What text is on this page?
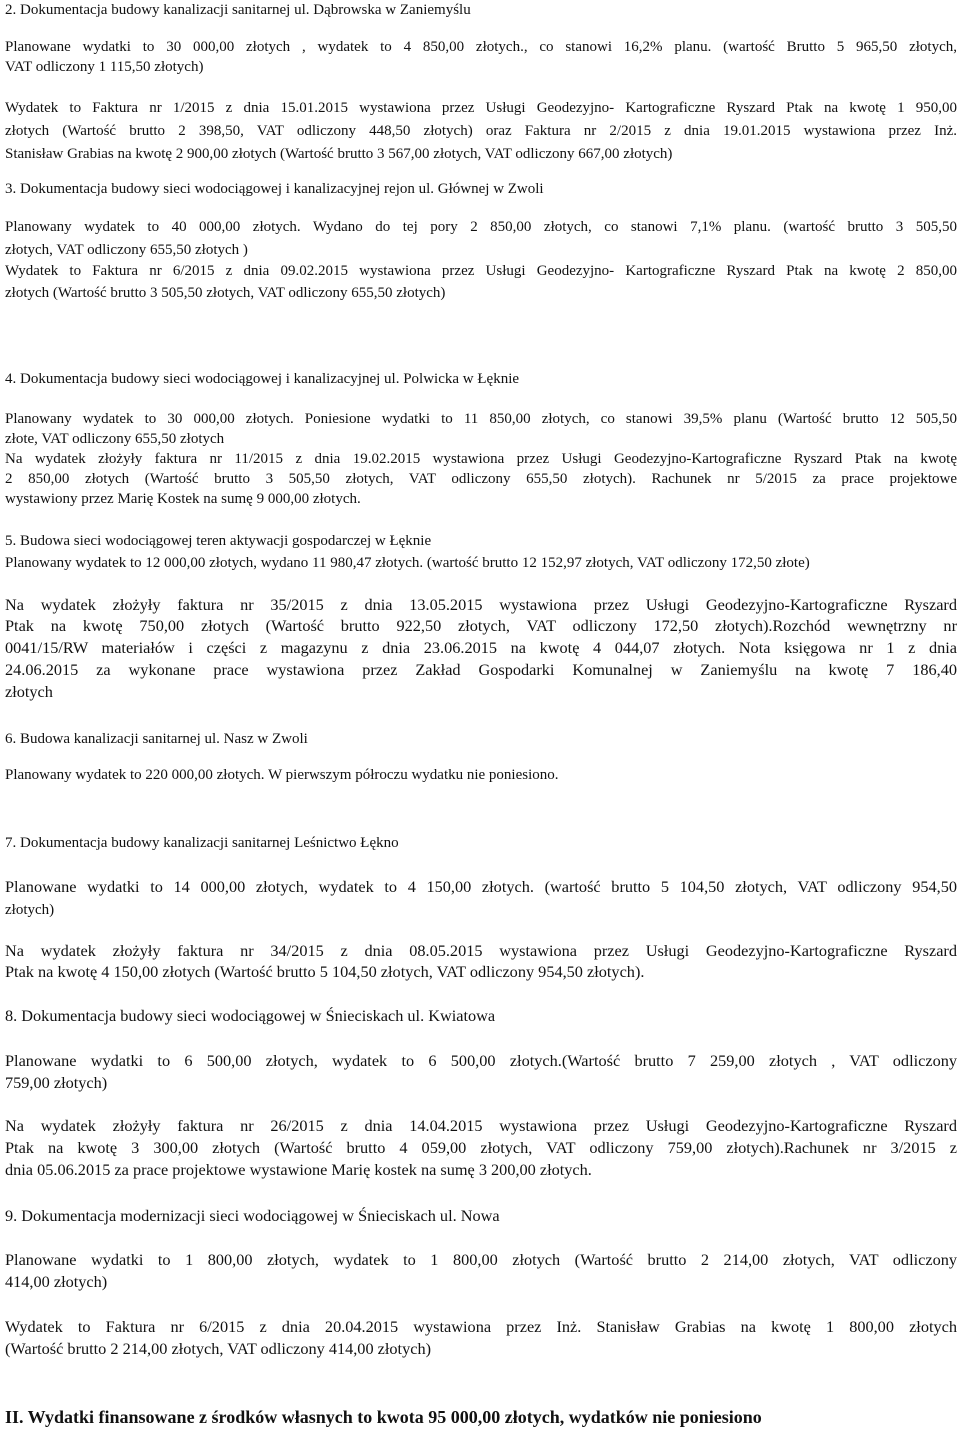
2. Dokumentacja budowy kanalizacji sanitarnej ul. Dąbrowska w Zaniemyślu
Planowane wydatki to 30 000,00 złotych , wydatek to 4 850,00 złotych., co stanowi 16,2% planu. (wartość Brutto 5 965,50 złotych,
VAT odliczony 1 115,50 złotych)
Wydatek to Faktura nr 1/2015 z dnia 15.01.2015 wystawiona przez Usługi Geodezyjno- Kartograficzne Ryszard Ptak na kwotę 1 950,00
złotych (Wartość brutto 2 398,50, VAT odliczony 448,50 złotych) oraz Faktura nr 2/2015 z dnia 19.01.2015 wystawiona przez Inż.
Stanisław Grabias na kwotę 2 900,00 złotych (Wartość brutto 3 567,00 złotych, VAT odliczony 667,00 złotych)
3. Dokumentacja budowy sieci wodociągowej i kanalizacyjnej rejon ul. Głównej w Zwoli
Planowany wydatek to 40 000,00 złotych. Wydano do tej pory 2 850,00 złotych, co stanowi 7,1% planu. (wartość brutto 3 505,50
złotych, VAT odliczony 655,50 złotych )
Wydatek to Faktura nr 6/2015 z dnia 09.02.2015 wystawiona przez Usługi Geodezyjno- Kartograficzne Ryszard Ptak na kwotę 2 850,00
złotych (Wartość brutto 3 505,50 złotych, VAT odliczony 655,50 złotych)
4. Dokumentacja budowy sieci wodociągowej i kanalizacyjnej ul. Polwicka w Łęknie
Planowany wydatek to 30 000,00 złotych. Poniesione wydatki to 11 850,00 złotych, co stanowi 39,5% planu (Wartość brutto 12 505,50
złote, VAT odliczony 655,50 złotych
Na wydatek złożyły faktura nr 11/2015 z dnia 19.02.2015 wystawiona przez Usługi Geodezyjno-Kartograficzne Ryszard Ptak na kwotę
2 850,00 złotych (Wartość brutto 3 505,50 złotych, VAT odliczony 655,50 złotych). Rachunek nr 5/2015 za prace projektowe
wystawiony przez Marię Kostek na sumę 9 000,00 złotych.
5. Budowa sieci wodociągowej teren aktywacji gospodarczej w Łęknie
Planowany wydatek to 12 000,00 złotych, wydano 11 980,47 złotych. (wartość brutto 12 152,97 złotych, VAT odliczony 172,50 złote)
Na wydatek złożyły faktura nr 35/2015 z dnia 13.05.2015 wystawiona przez Usługi Geodezyjno-Kartograficzne Ryszard
Ptak na kwotę 750,00 złotych (Wartość brutto 922,50 złotych, VAT odliczony 172,50 złotych).Rozchód wewnętrzny nr
0041/15/RW materiałów i części z magazynu z dnia 23.06.2015 na kwotę 4 044,07 złotych. Nota księgowa nr 1 z dnia
24.06.2015 za wykonane prace wystawiona przez Zakład Gospodarki Komunalnej w Zaniemyślu na kwotę 7 186,40
złotych
6. Budowa kanalizacji sanitarnej ul. Nasz w Zwoli
Planowany wydatek to 220 000,00 złotych. W pierwszym półroczu wydatku nie poniesiono.
7. Dokumentacja budowy kanalizacji sanitarnej Leśnictwo Łękno
Planowane wydatki to 14 000,00 złotych, wydatek to 4 150,00 złotych. (wartość brutto 5 104,50 złotych, VAT odliczony 954,50
złotych)
Na wydatek złożyły faktura nr 34/2015 z dnia 08.05.2015 wystawiona przez Usługi Geodezyjno-Kartograficzne Ryszard
Ptak na kwotę 4 150,00 złotych (Wartość brutto 5 104,50 złotych, VAT odliczony 954,50 złotych).
8. Dokumentacja budowy sieci wodociągowej w Śnieciskach ul. Kwiatowa
Planowane wydatki to 6 500,00 złotych, wydatek to 6 500,00 złotych.(Wartość brutto 7 259,00 złotych , VAT odliczony
759,00 złotych)
Na wydatek złożyły faktura nr 26/2015 z dnia 14.04.2015 wystawiona przez Usługi Geodezyjno-Kartograficzne Ryszard
Ptak na kwotę 3 300,00 złotych (Wartość brutto 4 059,00 złotych, VAT odliczony 759,00 złotych).Rachunek nr 3/2015 z
dnia 05.06.2015 za prace projektowe wystawione Marię kostek na sumę 3 200,00 złotych.
9. Dokumentacja modernizacji sieci wodociągowej w Śnieciskach ul. Nowa
Planowane wydatki to 1 800,00 złotych, wydatek to 1 800,00 złotych (Wartość brutto 2 214,00 złotych, VAT odliczony
414,00 złotych)
Wydatek to Faktura nr 6/2015 z dnia 20.04.2015 wystawiona przez Inż. Stanisław Grabias na kwotę 1 800,00 złotych
(Wartość brutto 2 214,00 złotych, VAT odliczony 414,00 złotych)
II. Wydatki finansowane z środków własnych to kwota 95 000,00 złotych, wydatków nie poniesiono
